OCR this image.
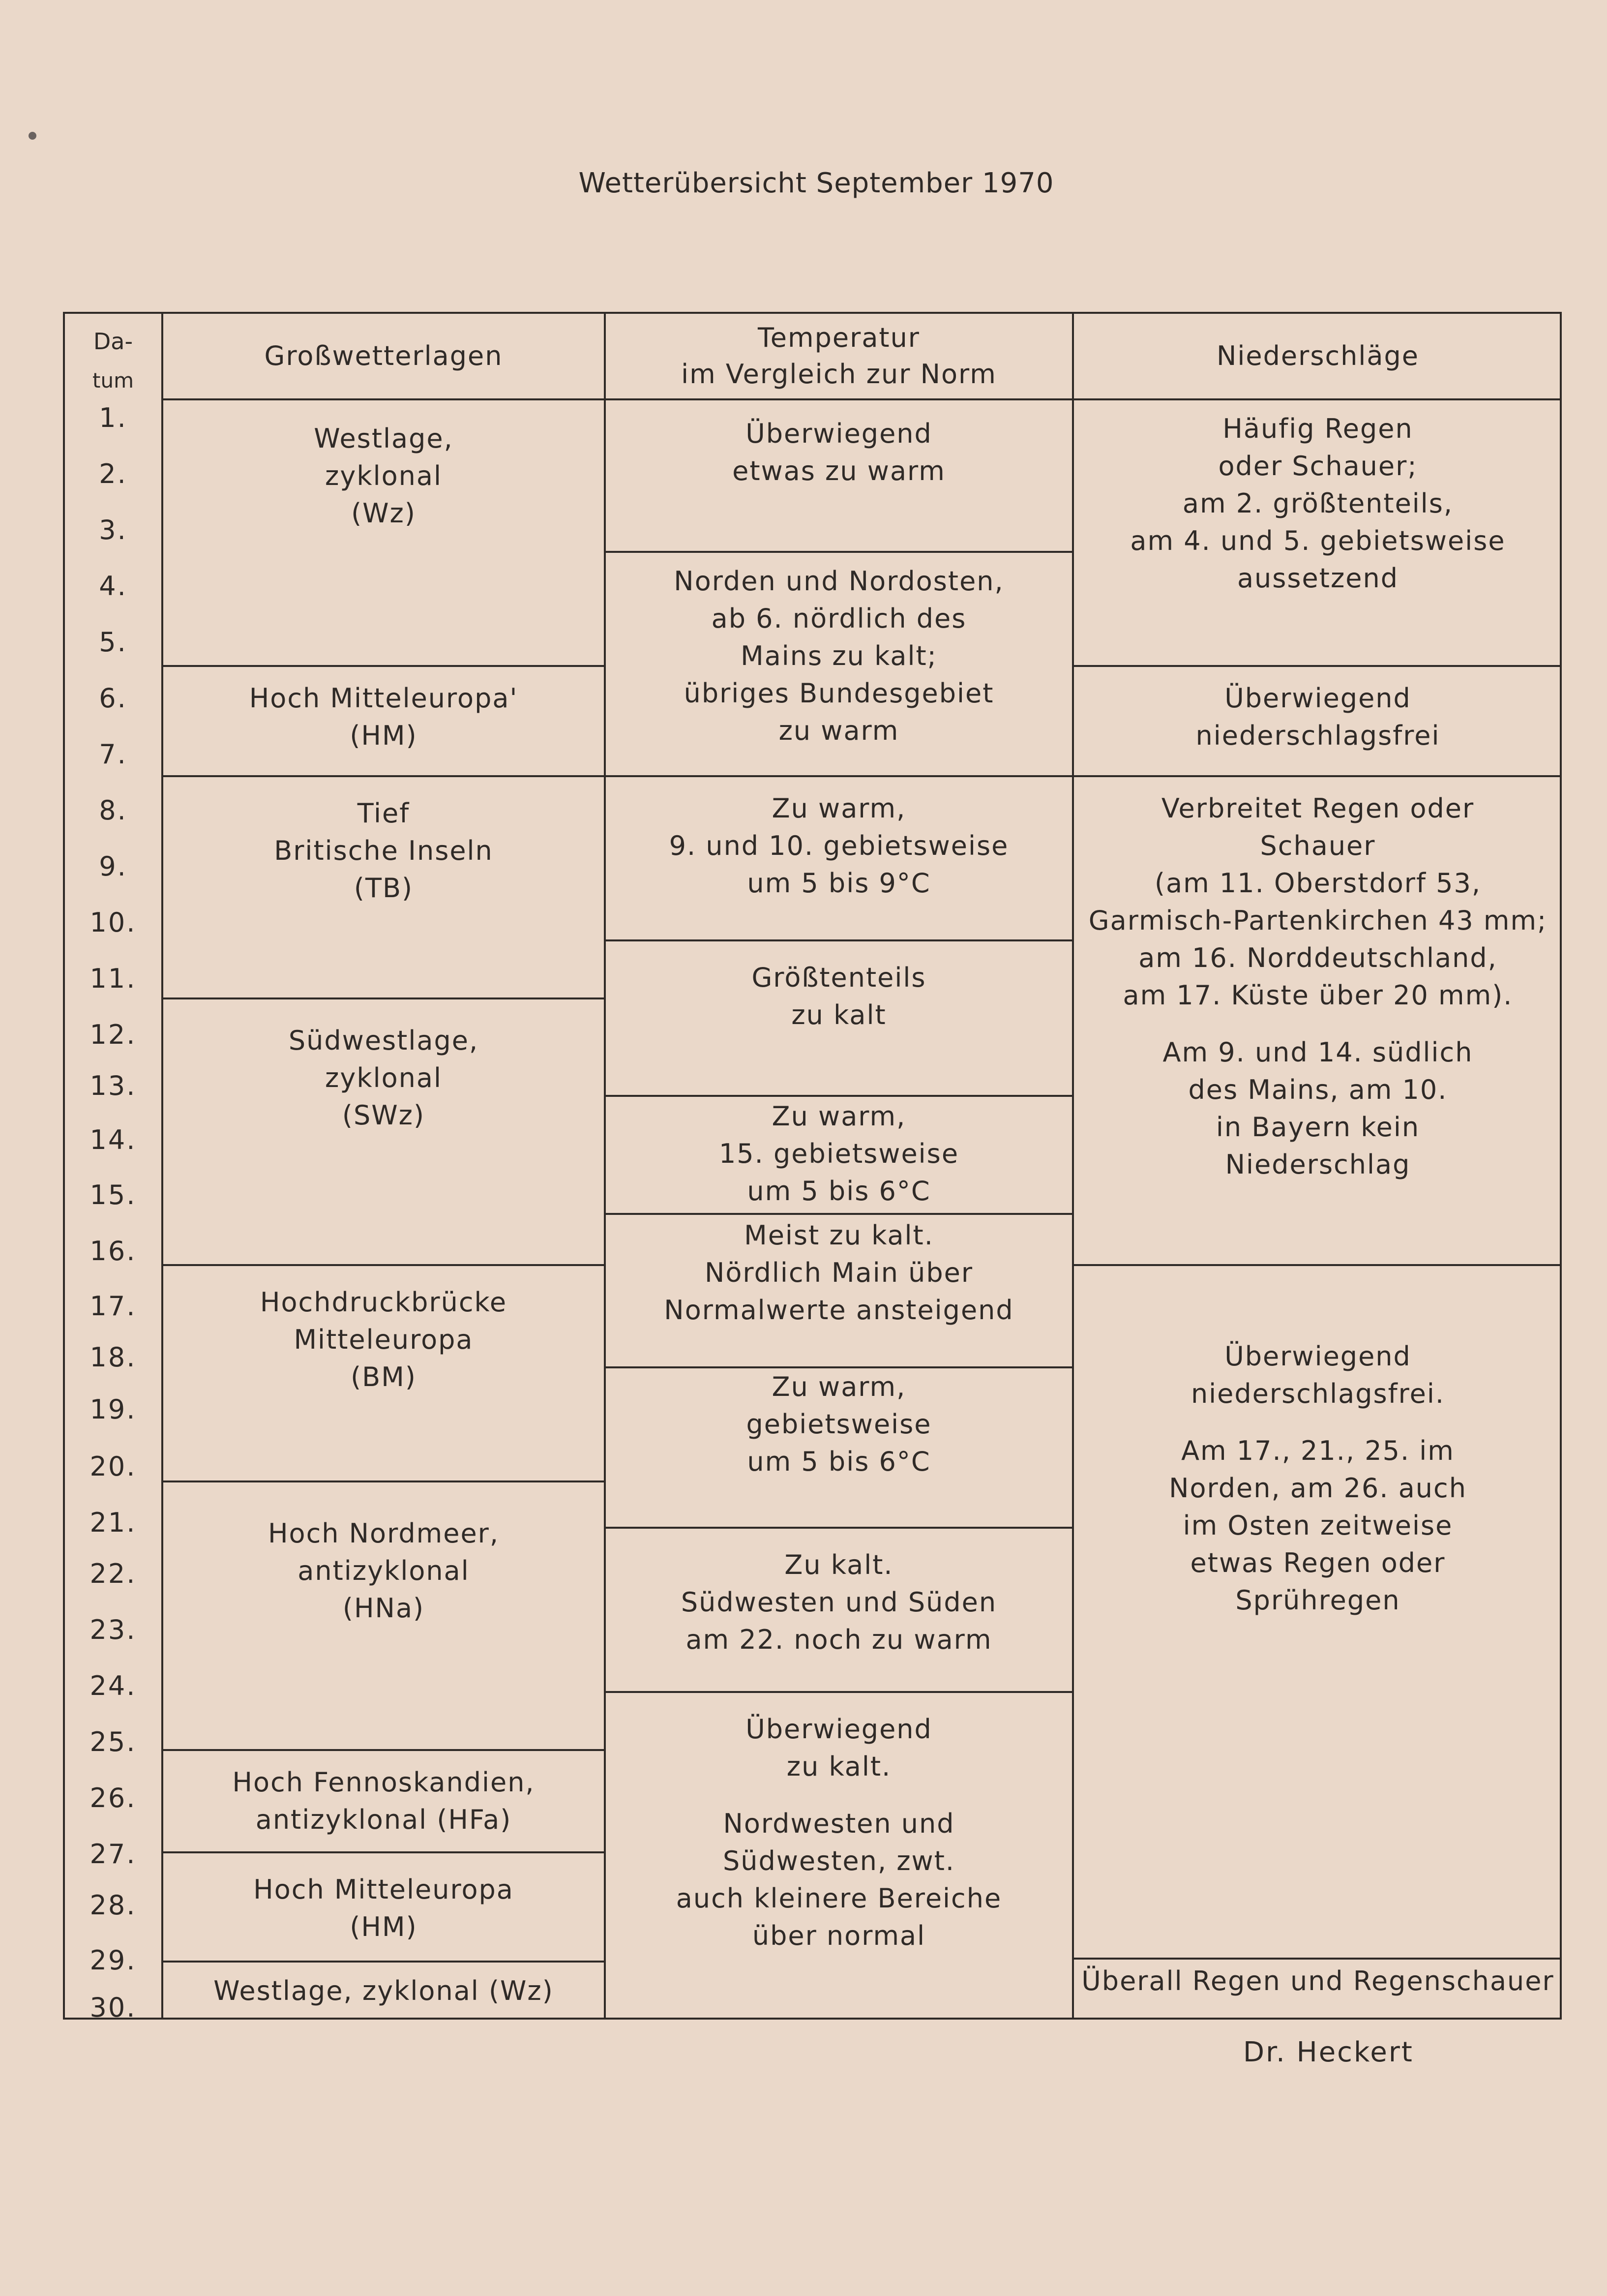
Wetterübersicht September 1970
Da-
tum
Großwetterlagen
Temperatur
im Vergleich zur Norm
Niederschläge
1.
2.
3.
4.
5.
6.
7.
8.
9.
10.
11.
12.
13.
14.
15.
16.
17.
18.
19.
20.
21.
22.
23.
24.
25.
26.
27.
28.
29.
30.
Westlage,
zyklonal
(Wz)
Hoch Mitteleuropa'
(HM)
Tief
Britische Inseln
(TB)
Südwestlage,
zyklonal
(SWz)
Hochdruckbrücke
Mitteleuropa
(BM)
Hoch Nordmeer,
antizyklonal
(HNa)
Hoch Fennoskandien,
antizyklonal (HFa)
Hoch Mitteleuropa
(HM)
Westlage, zyklonal (Wz)
Überwiegend
etwas zu warm
Norden und Nordosten,
ab 6. nördlich des
Mains zu kalt;
übriges Bundesgebiet
zu warm
Zu warm,
9. und 10. gebietsweise
um 5 bis 9°C
Größtenteils
zu kalt
Zu warm,
15. gebietsweise
um 5 bis 6°C
Meist zu kalt.
Nördlich Main über
Normalwerte ansteigend
Zu warm,
gebietsweise
um 5 bis 6°C
Zu kalt.
Südwesten und Süden
am 22. noch zu warm
Überwiegend
zu kalt.
Nordwesten und
Südwesten, zwt.
auch kleinere Bereiche
über normal
Häufig Regen
oder Schauer;
am 2. größtenteils,
am 4. und 5. gebietsweise
aussetzend
Überwiegend
niederschlagsfrei
Verbreitet Regen oder
Schauer
(am 11. Oberstdorf 53,
Garmisch-Partenkirchen 43 mm;
am 16. Norddeutschland,
am 17. Küste über 20 mm).
Am 9. und 14. südlich
des Mains, am 10.
in Bayern kein
Niederschlag
Überwiegend
niederschlagsfrei.
Am 17., 21., 25. im
Norden, am 26. auch
im Osten zeitweise
etwas Regen oder
Sprühregen
Überall Regen und Regenschauer
Dr. Heckert
